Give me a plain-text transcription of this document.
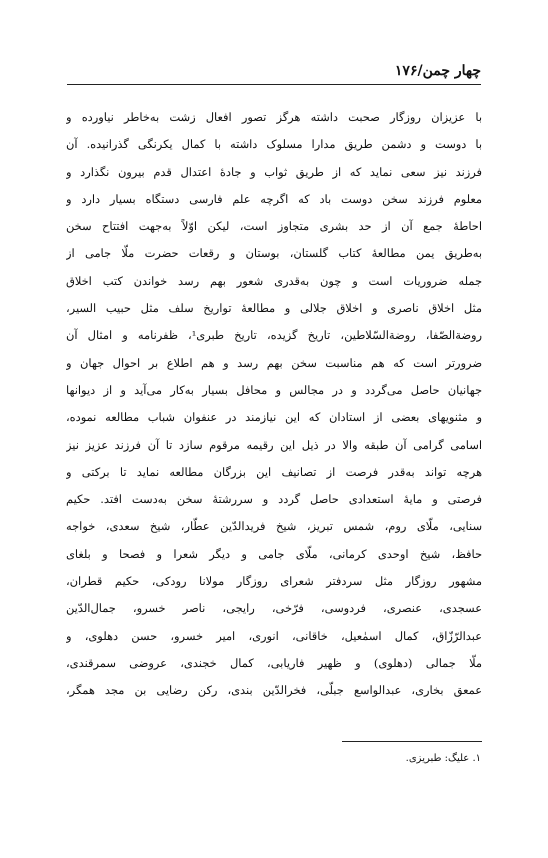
چهار چمن/۱۷۶
با عزیزان روزگار صحبت داشته هرگز تصور افعال زشت به‌خاطر نیاورده و
با دوست و دشمن طریق مدارا مسلوک داشته با کمال یکرنگی گذرانیده. آن
فرزند نیز سعی نماید که از طریق ثواب و جادهٔ اعتدال قدم بیرون نگذارد و
معلوم فرزند سخن دوست باد که اگرچه علم فارسی دستگاه بسیار دارد و
احاطهٔ جمع آن از حد بشری متجاوز است، لیکن اوّلاً به‌جهت افتتاح سخن
به‌طریق یمن مطالعهٔ کتاب گلستان، بوستان و رقعات حضرت ملّا جامی از
جمله ضروریات است و چون به‌قدری شعور بهم رسد خواندن کتب اخلاق
مثل اخلاق ناصری و اخلاق جلالی و مطالعهٔ تواریخ سلف مثل حبیب السیر،
روضةالصّفا، روضةالسّلاطین، تاریخ گزیده، تاریخ طبری¹، ظفرنامه و امثال آن
ضرورتر است که هم مناسبت سخن بهم رسد و هم اطلاع بر احوال جهان و
جهانیان حاصل می‌گردد و در مجالس و محافل بسیار به‌کار می‌آید و از دیوانها
و مثنویهای بعضی از استادان که این نیازمند در عنفوان شباب مطالعه نموده،
اسامی گرامی آن طبقه والا در ذیل این رقیمه مرقوم سازد تا آن فرزند عزیز نیز
هرچه تواند به‌قدر فرصت از تصانیف این بزرگان مطالعه نماید تا برکتی و
فرصتی و مایهٔ استعدادی حاصل گردد و سررشتهٔ سخن به‌دست افتد. حکیم
سنایی، ملّای روم، شمس تبریز، شیخ فریدالدّین عطّار، شیخ سعدی، خواجه
حافظ، شیخ اوحدی کرمانی، ملّای جامی و دیگر شعرا و فصحا و بلغای
مشهور روزگار مثل سردفتر شعرای روزگار مولانا رودکی، حکیم قطران،
عسجدی، عنصری، فردوسی، فرّخی، رایجی، ناصر خسرو، جمال‌الدّین
عبدالرّزّاق، کمال اسمٰعیل، خاقانی، انوری، امیر خسرو، حسن دهلوی، و
ملّا جمالی (دهلوی) و ظهیر فاریابی، کمال خجندی، عروضی سمرقندی،
عمعق بخاری، عبدالواسع جبلّی، فخرالدّین بندی، رکن رضایی بن مجد همگر،
۱. علیگ: طبریزی.
